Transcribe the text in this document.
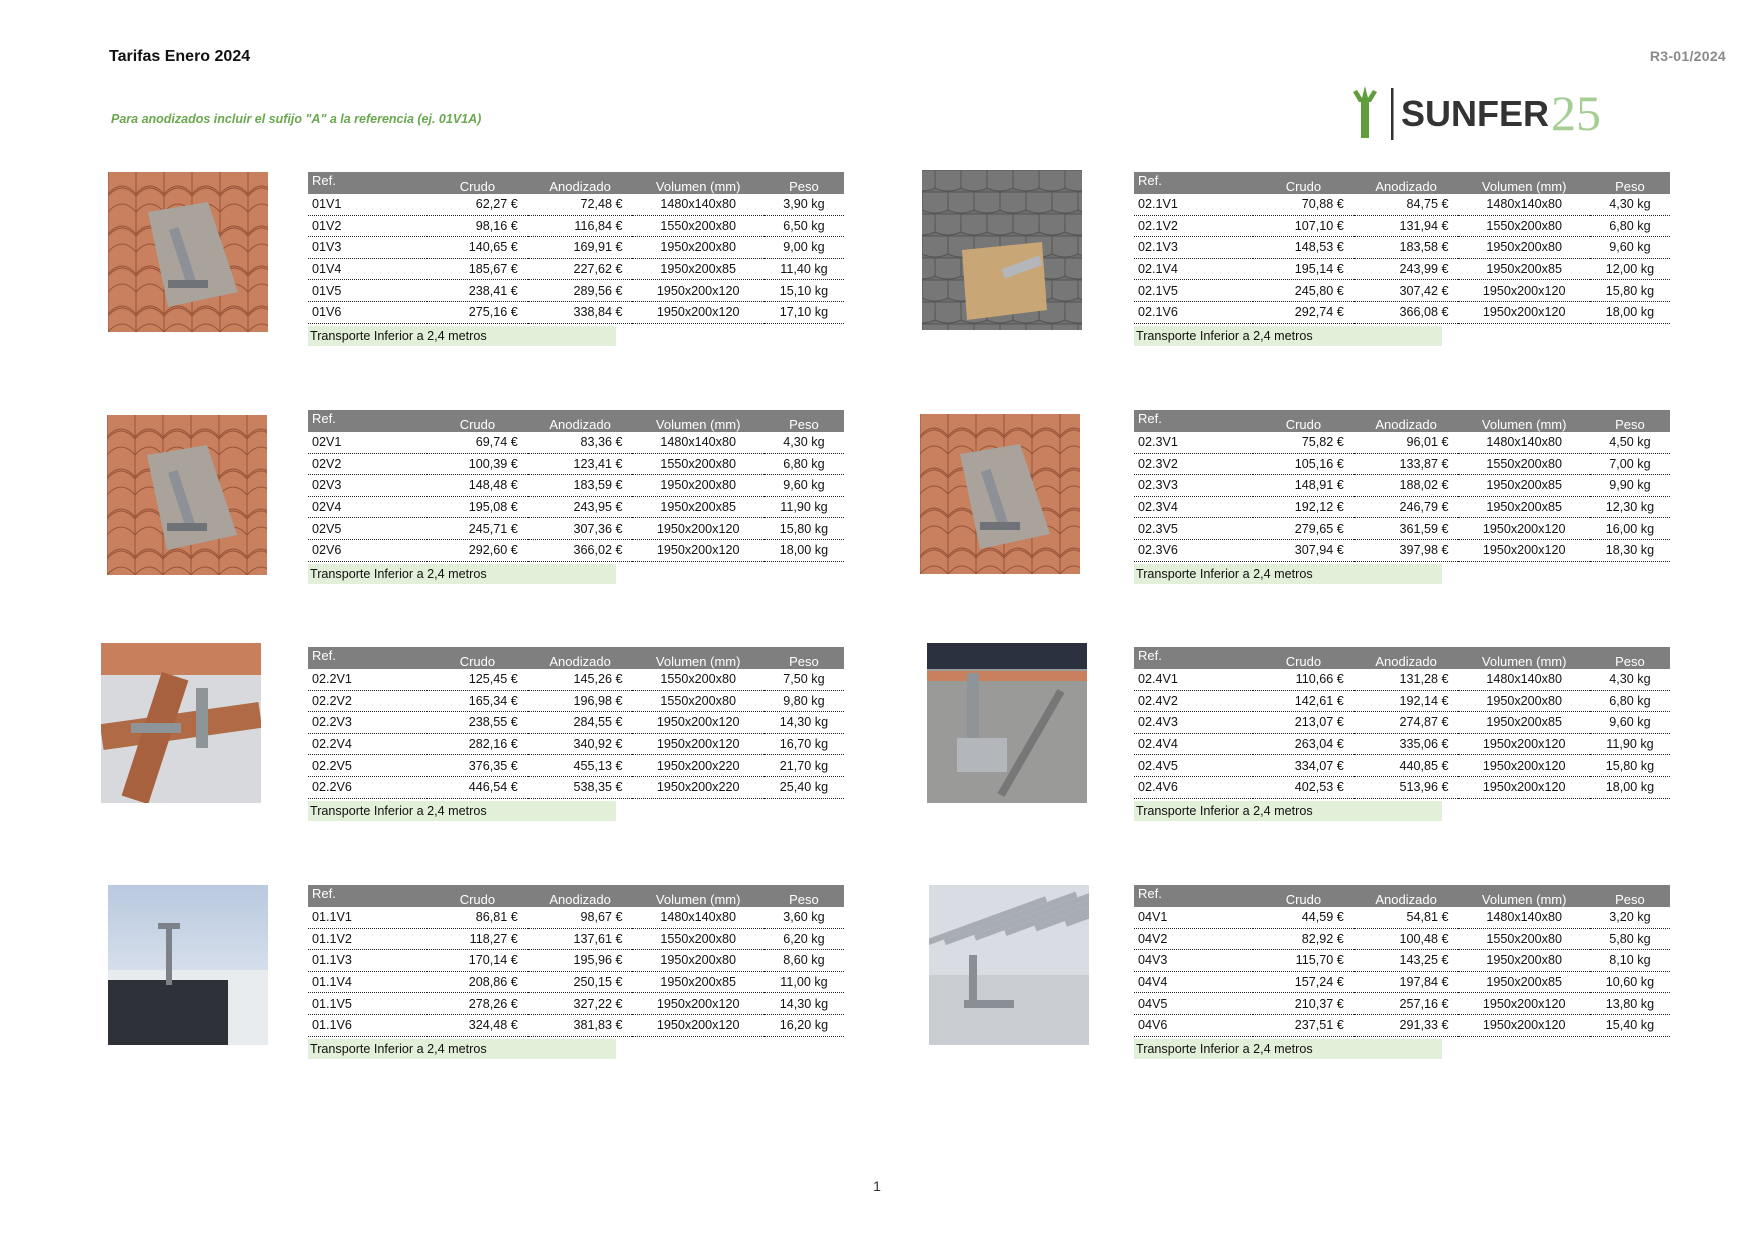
Tarifas Enero 2024	R3-01/2024
Para anodizados incluir el sufijo "A" a la referencia (ej. 01V1A)	SUNFER 25
Ref.	Crudo	Anodizado	Volumen (mm)	Peso
01V1	62,27 €	72,48 €	1480x140x80	3,90 kg
01V2	98,16 €	116,84 €	1550x200x80	6,50 kg
01V3	140,65 €	169,91 €	1950x200x80	9,00 kg
01V4	185,67 €	227,62 €	1950x200x85	11,40 kg
01V5	238,41 €	289,56 €	1950x200x120	15,10 kg
01V6	275,16 €	338,84 €	1950x200x120	17,10 kg
Transporte Inferior a 2,4 metros
Ref.	Crudo	Anodizado	Volumen (mm)	Peso
02.1V1	70,88 €	84,75 €	1480x140x80	4,30 kg
02.1V2	107,10 €	131,94 €	1550x200x80	6,80 kg
02.1V3	148,53 €	183,58 €	1950x200x80	9,60 kg
02.1V4	195,14 €	243,99 €	1950x200x85	12,00 kg
02.1V5	245,80 €	307,42 €	1950x200x120	15,80 kg
02.1V6	292,74 €	366,08 €	1950x200x120	18,00 kg
Transporte Inferior a 2,4 metros
Ref.	Crudo	Anodizado	Volumen (mm)	Peso
02V1	69,74 €	83,36 €	1480x140x80	4,30 kg
02V2	100,39 €	123,41 €	1550x200x80	6,80 kg
02V3	148,48 €	183,59 €	1950x200x80	9,60 kg
02V4	195,08 €	243,95 €	1950x200x85	11,90 kg
02V5	245,71 €	307,36 €	1950x200x120	15,80 kg
02V6	292,60 €	366,02 €	1950x200x120	18,00 kg
Transporte Inferior a 2,4 metros
Ref.	Crudo	Anodizado	Volumen (mm)	Peso
02.3V1	75,82 €	96,01 €	1480x140x80	4,50 kg
02.3V2	105,16 €	133,87 €	1550x200x80	7,00 kg
02.3V3	148,91 €	188,02 €	1950x200x85	9,90 kg
02.3V4	192,12 €	246,79 €	1950x200x85	12,30 kg
02.3V5	279,65 €	361,59 €	1950x200x120	16,00 kg
02.3V6	307,94 €	397,98 €	1950x200x120	18,30 kg
Transporte Inferior a 2,4 metros
Ref.	Crudo	Anodizado	Volumen (mm)	Peso
02.2V1	125,45 €	145,26 €	1550x200x80	7,50 kg
02.2V2	165,34 €	196,98 €	1550x200x80	9,80 kg
02.2V3	238,55 €	284,55 €	1950x200x120	14,30 kg
02.2V4	282,16 €	340,92 €	1950x200x120	16,70 kg
02.2V5	376,35 €	455,13 €	1950x200x220	21,70 kg
02.2V6	446,54 €	538,35 €	1950x200x220	25,40 kg
Transporte Inferior a 2,4 metros
Ref.	Crudo	Anodizado	Volumen (mm)	Peso
02.4V1	110,66 €	131,28 €	1480x140x80	4,30 kg
02.4V2	142,61 €	192,14 €	1950x200x80	6,80 kg
02.4V3	213,07 €	274,87 €	1950x200x85	9,60 kg
02.4V4	263,04 €	335,06 €	1950x200x120	11,90 kg
02.4V5	334,07 €	440,85 €	1950x200x120	15,80 kg
02.4V6	402,53 €	513,96 €	1950x200x120	18,00 kg
Transporte Inferior a 2,4 metros
Ref.	Crudo	Anodizado	Volumen (mm)	Peso
01.1V1	86,81 €	98,67 €	1480x140x80	3,60 kg
01.1V2	118,27 €	137,61 €	1550x200x80	6,20 kg
01.1V3	170,14 €	195,96 €	1950x200x80	8,60 kg
01.1V4	208,86 €	250,15 €	1950x200x85	11,00 kg
01.1V5	278,26 €	327,22 €	1950x200x120	14,30 kg
01.1V6	324,48 €	381,83 €	1950x200x120	16,20 kg
Transporte Inferior a 2,4 metros
Ref.	Crudo	Anodizado	Volumen (mm)	Peso
04V1	44,59 €	54,81 €	1480x140x80	3,20 kg
04V2	82,92 €	100,48 €	1550x200x80	5,80 kg
04V3	115,70 €	143,25 €	1950x200x80	8,10 kg
04V4	157,24 €	197,84 €	1950x200x85	10,60 kg
04V5	210,37 €	257,16 €	1950x200x120	13,80 kg
04V6	237,51 €	291,33 €	1950x200x120	15,40 kg
Transporte Inferior a 2,4 metros
1
